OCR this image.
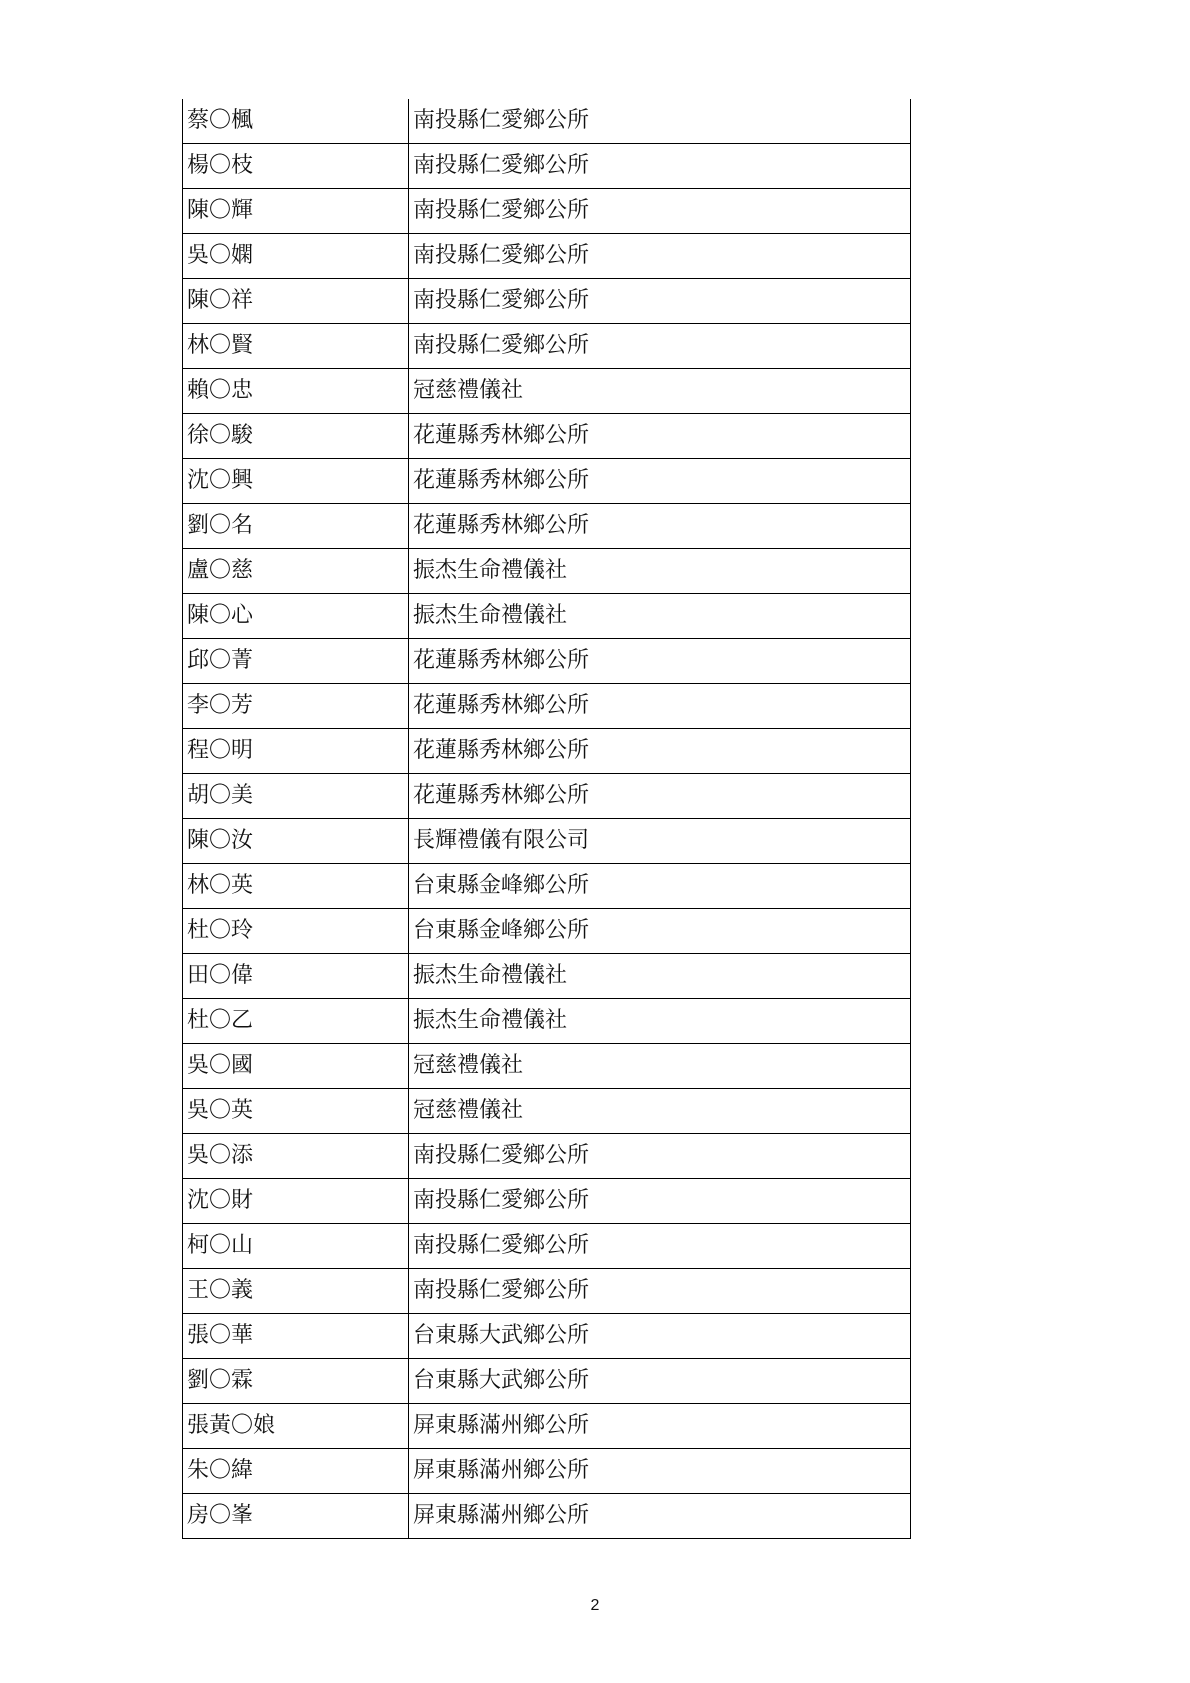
蔡〇楓	南投縣仁愛鄉公所
楊〇枝	南投縣仁愛鄉公所
陳〇輝	南投縣仁愛鄉公所
吳〇嫻	南投縣仁愛鄉公所
陳〇祥	南投縣仁愛鄉公所
林〇賢	南投縣仁愛鄉公所
賴〇忠	冠慈禮儀社
徐〇駿	花蓮縣秀林鄉公所
沈〇興	花蓮縣秀林鄉公所
劉〇名	花蓮縣秀林鄉公所
盧〇慈	振杰生命禮儀社
陳〇心	振杰生命禮儀社
邱〇菁	花蓮縣秀林鄉公所
李〇芳	花蓮縣秀林鄉公所
程〇明	花蓮縣秀林鄉公所
胡〇美	花蓮縣秀林鄉公所
陳〇汝	長輝禮儀有限公司
林〇英	台東縣金峰鄉公所
杜〇玲	台東縣金峰鄉公所
田〇偉	振杰生命禮儀社
杜〇乙	振杰生命禮儀社
吳〇國	冠慈禮儀社
吳〇英	冠慈禮儀社
吳〇添	南投縣仁愛鄉公所
沈〇財	南投縣仁愛鄉公所
柯〇山	南投縣仁愛鄉公所
王〇義	南投縣仁愛鄉公所
張〇華	台東縣大武鄉公所
劉〇霖	台東縣大武鄉公所
張黃〇娘	屏東縣滿州鄉公所
朱〇緯	屏東縣滿州鄉公所
房〇峯	屏東縣滿州鄉公所
2
